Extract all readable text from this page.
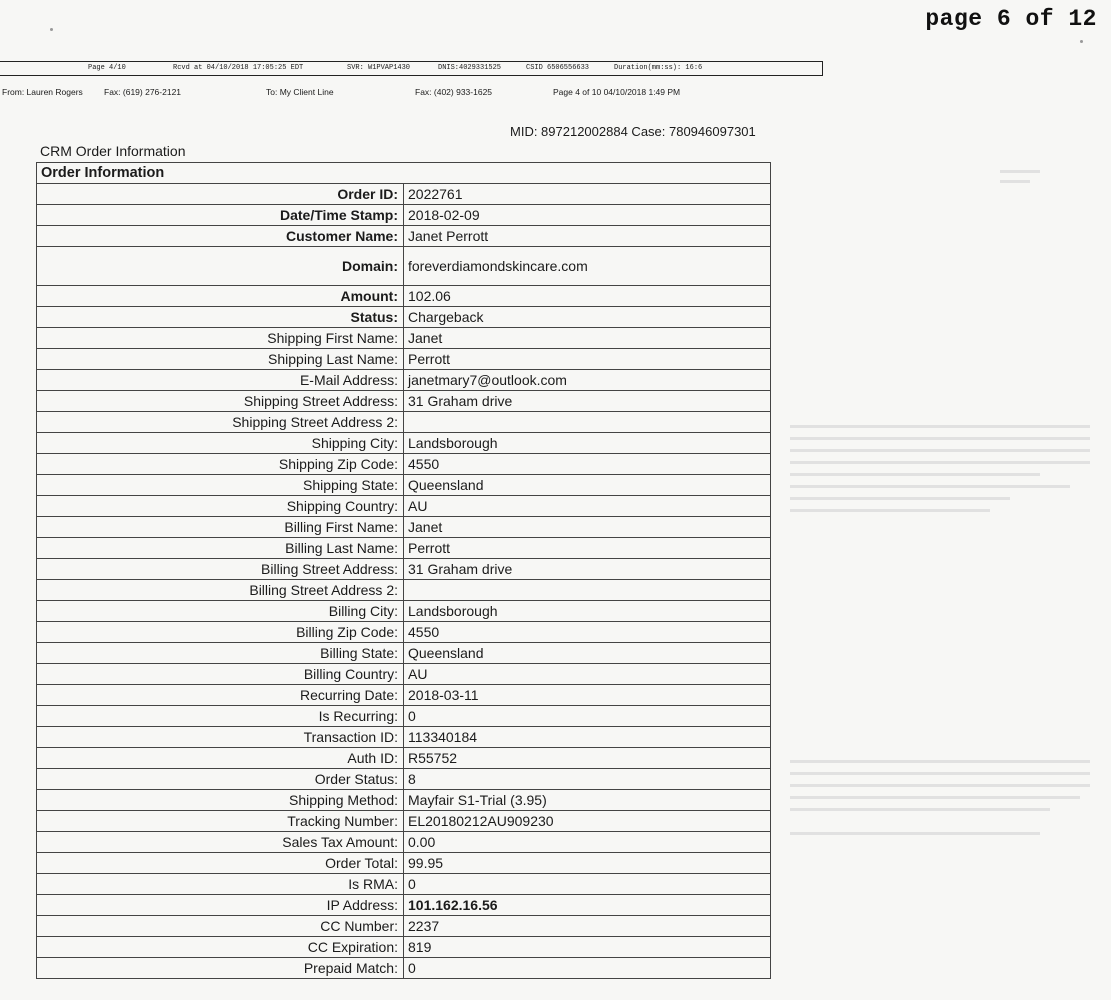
page 6 of 12
Page 4/10	Rcvd at 04/10/2018 17:05:25 EDT	SVR: W1PVAP1430	DNIS:4029331525	CSID 6506556633	Duration(mm:ss): 16:6
From: Lauren Rogers Fax: (619) 276-2121	To: My Client Line	Fax: (402) 933-1625	Page 4 of 10 04/10/2018 1:49 PM
MID: 897212002884 Case: 780946097301
CRM Order Information
Order Information	
Order ID:	2022761
Date/Time Stamp:	2018-02-09
Customer Name:	Janet Perrott
Domain:	foreverdiamondskincare.com
Amount:	102.06
Status:	Chargeback
Shipping First Name:	Janet
Shipping Last Name:	Perrott
E-Mail Address:	janetmary7@outlook.com
Shipping Street Address:	31 Graham drive
Shipping Street Address 2:	
Shipping City:	Landsborough
Shipping Zip Code:	4550
Shipping State:	Queensland
Shipping Country:	AU
Billing First Name:	Janet
Billing Last Name:	Perrott
Billing Street Address:	31 Graham drive
Billing Street Address 2:	
Billing City:	Landsborough
Billing Zip Code:	4550
Billing State:	Queensland
Billing Country:	AU
Recurring Date:	2018-03-11
Is Recurring:	0
Transaction ID:	113340184
Auth ID:	R55752
Order Status:	8
Shipping Method:	Mayfair S1-Trial (3.95)
Tracking Number:	EL20180212AU909230
Sales Tax Amount:	0.00
Order Total:	99.95
Is RMA:	0
IP Address:	101.162.16.56
CC Number:	2237
CC Expiration:	819
Prepaid Match:	0
